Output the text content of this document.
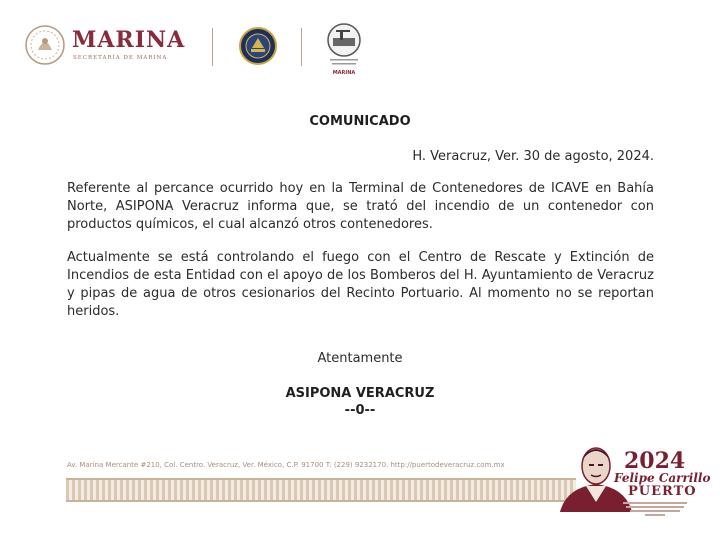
MARINA
SECRETARÍA DE MARINA
MARINA
COMUNICADO
H. Veracruz, Ver. 30 de agosto, 2024.
Referente al percance ocurrido hoy en la Terminal de Contenedores de ICAVE en Bahía Norte, ASIPONA Veracruz informa que, se trató del incendio de un contenedor con productos químicos, el cual alcanzó otros contenedores.
Actualmente se está controlando el fuego con el Centro de Rescate y Extinción de Incendios de esta Entidad con el apoyo de los Bomberos del H. Ayuntamiento de Veracruz y pipas de agua de otros cesionarios del Recinto Portuario. Al momento no se reportan heridos.
Atentamente
ASIPONA VERACRUZ
--0--
Av. Marina Mercante #210, Col. Centro. Veracruz, Ver. México, C.P. 91700 T: (229) 9232170. http://puertodeveracruz.com.mx	2024
Felipe Carrillo
PUERTO
